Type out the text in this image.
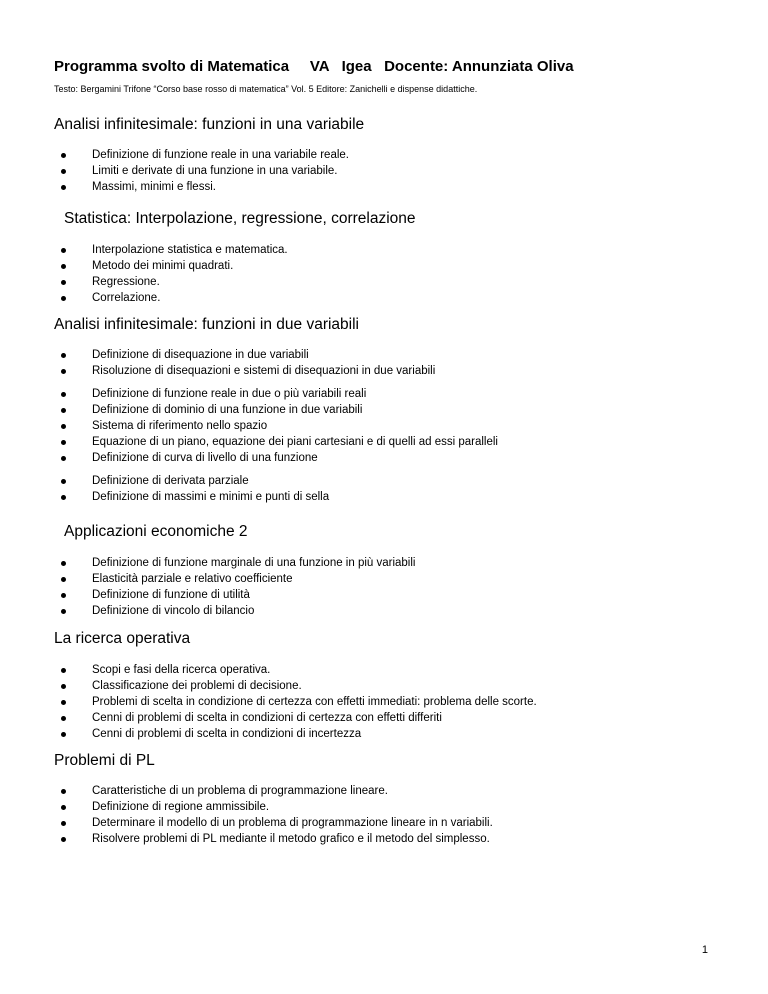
Programma svolto di Matematica     VA   Igea   Docente: Annunziata Oliva
Testo: Bergamini Trifone “Corso base rosso di matematica” Vol. 5 Editore: Zanichelli e dispense didattiche.
Analisi infinitesimale: funzioni in una variabile
Definizione di funzione reale in una variabile reale.
Limiti e derivate di una funzione in una variabile.
Massimi, minimi e flessi.
Statistica: Interpolazione, regressione, correlazione
Interpolazione statistica e matematica.
Metodo dei minimi quadrati.
Regressione.
Correlazione.
Analisi infinitesimale: funzioni in due variabili
Definizione di disequazione in due variabili
Risoluzione di disequazioni e sistemi di disequazioni in due variabili
Definizione di funzione reale in due o più variabili reali
Definizione di dominio di una funzione in due variabili
Sistema di riferimento nello spazio
Equazione di un piano, equazione dei piani cartesiani e di quelli ad essi paralleli
Definizione di curva di livello di una funzione
Definizione di derivata parziale
Definizione di massimi e minimi e punti di sella
Applicazioni economiche 2
Definizione di funzione marginale di una funzione in più variabili
Elasticità parziale e relativo coefficiente
Definizione di funzione di utilità
Definizione di vincolo di bilancio
La ricerca operativa
Scopi e fasi della ricerca operativa.
Classificazione dei problemi di decisione.
Problemi di scelta in condizione di certezza con effetti immediati: problema delle scorte.
Cenni di problemi di scelta in condizioni di certezza con effetti differiti
Cenni di problemi di scelta in condizioni di incertezza
Problemi di PL
Caratteristiche di un problema di programmazione lineare.
Definizione di regione ammissibile.
Determinare il modello di un problema di programmazione lineare in n variabili.
Risolvere problemi di PL mediante il metodo grafico e il metodo del simplesso.
1
